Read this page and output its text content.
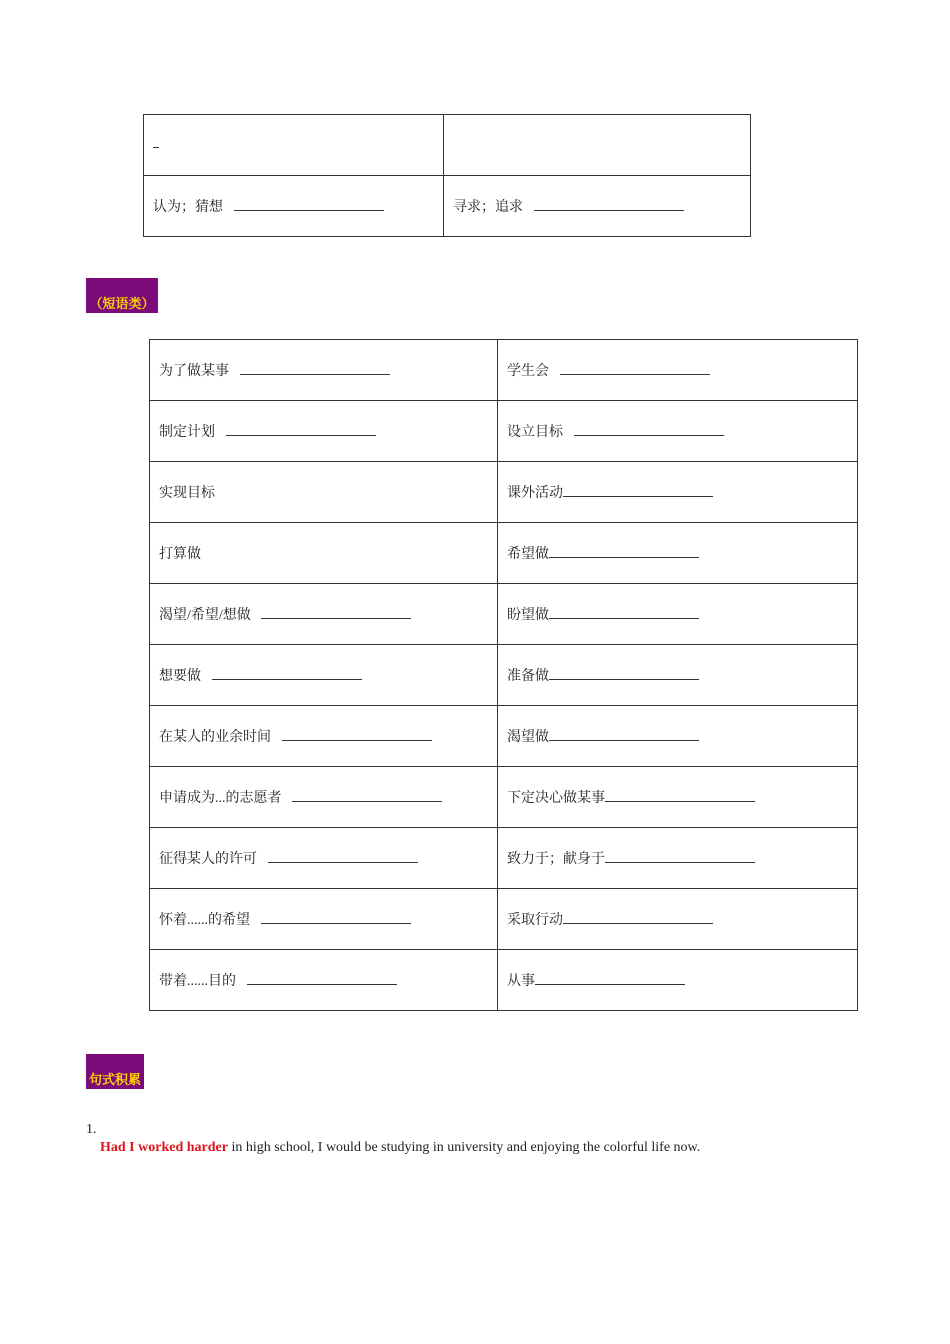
认为；猜想	寻求；追求
（短语类）
为了做某事	学生会
制定计划	设立目标
实现目标	课外活动
打算做	希望做
渴望/希望/想做	盼望做
想要做	准备做
在某人的业余时间	渴望做
申请成为...的志愿者	下定决心做某事
征得某人的许可	致力于；献身于
怀着......的希望	采取行动
带着......目的	从事
句式积累
1.
Had I worked harder in high school, I would be studying in university and enjoying the colorful life now.
